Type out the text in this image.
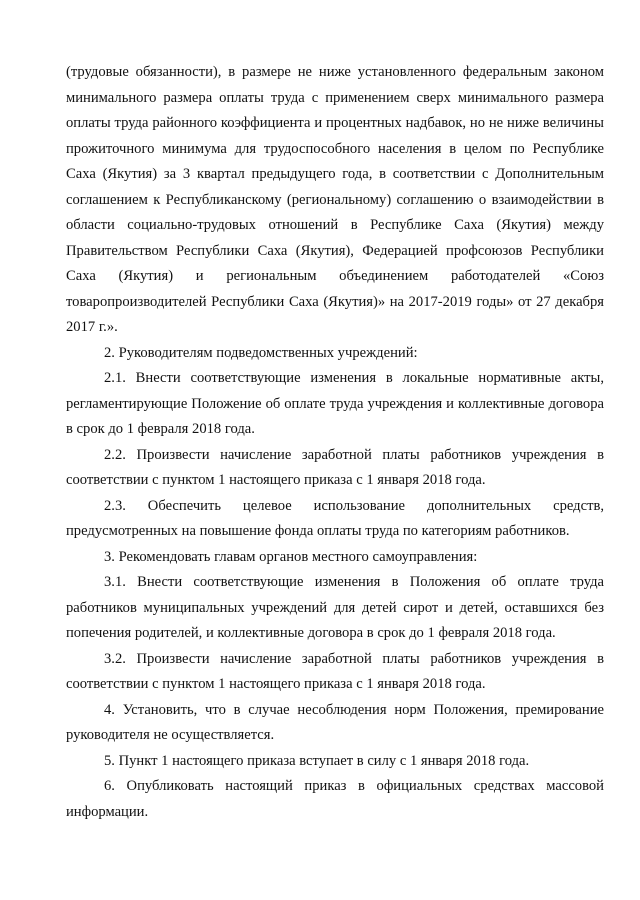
(трудовые обязанности), в размере не ниже установленного федеральным законом минимального размера оплаты труда с применением сверх минимального размера оплаты труда районного коэффициента и процентных надбавок, но не ниже величины прожиточного минимума для трудоспособного населения в целом по Республике Саха (Якутия) за 3 квартал предыдущего года, в соответствии с Дополнительным соглашением к Республиканскому (региональному) соглашению о взаимодействии в области социально-трудовых отношений в Республике Саха (Якутия) между Правительством Республики Саха (Якутия), Федерацией профсоюзов Республики Саха (Якутия) и региональным объединением работодателей «Союз товаропроизводителей Республики Саха (Якутия)» на 2017-2019 годы» от 27 декабря 2017 г.».

2. Руководителям подведомственных учреждений:

2.1. Внести соответствующие изменения в локальные нормативные акты, регламентирующие Положение об оплате труда учреждения и коллективные договора в срок до 1 февраля 2018 года.

2.2. Произвести начисление заработной платы работников учреждения в соответствии с пунктом 1 настоящего приказа с 1 января 2018 года.

2.3. Обеспечить целевое использование дополнительных средств, предусмотренных на повышение фонда оплаты труда по категориям работников.

3. Рекомендовать главам органов местного самоуправления:

3.1. Внести соответствующие изменения в Положения об оплате труда работников муниципальных учреждений для детей сирот и детей, оставшихся без попечения родителей, и коллективные договора в срок до 1 февраля 2018 года.

3.2. Произвести начисление заработной платы работников учреждения в соответствии с пунктом 1 настоящего приказа с 1 января 2018 года.

4. Установить, что в случае несоблюдения норм Положения, премирование руководителя не осуществляется.

5. Пункт 1 настоящего приказа вступает в силу с 1 января 2018 года.

6. Опубликовать настоящий приказ в официальных средствах массовой информации.
